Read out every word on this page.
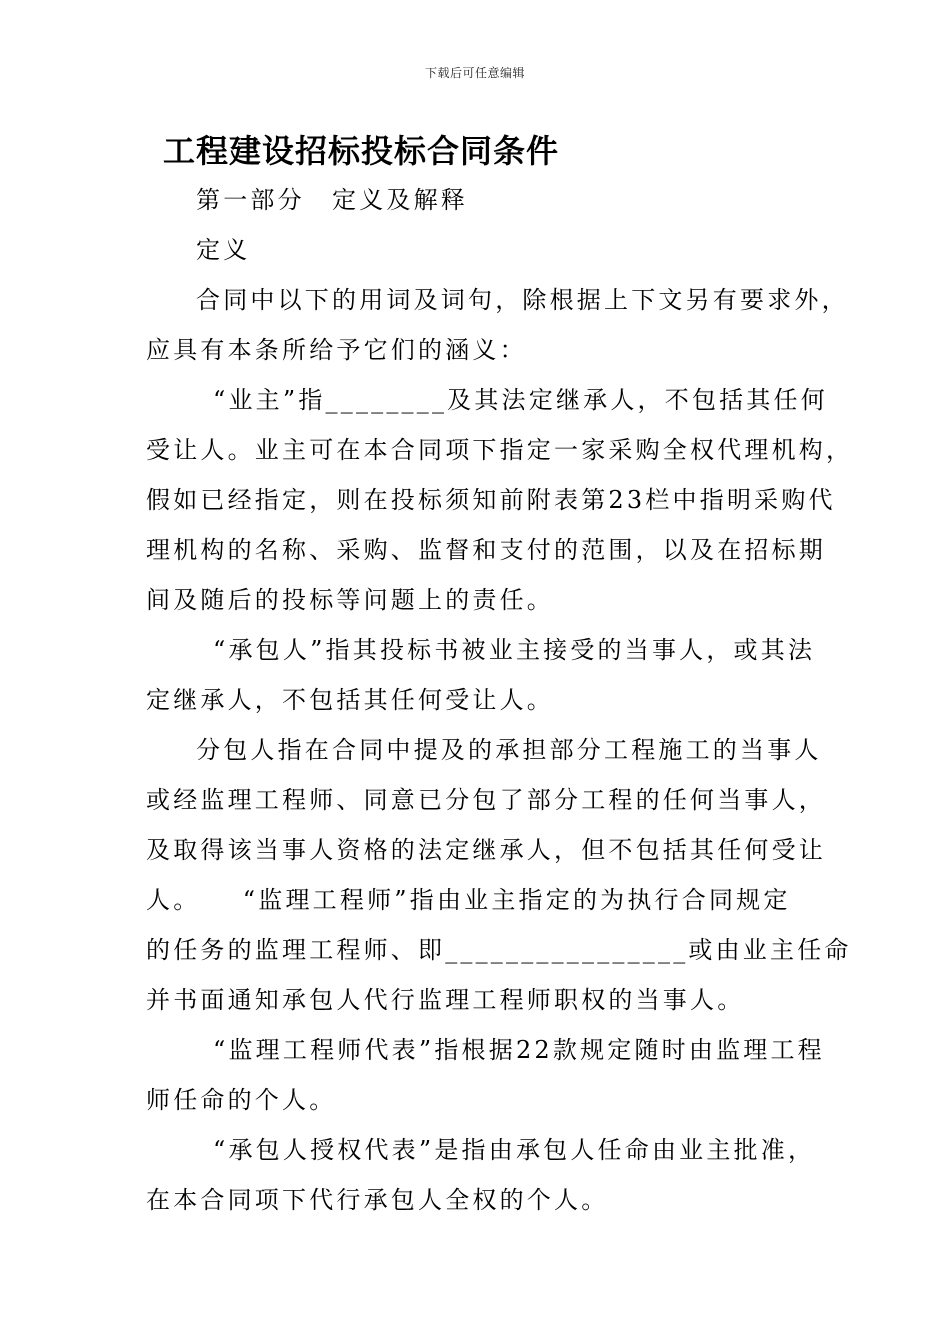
下载后可任意编辑
工程建设招标投标合同条件
第一部分　定义及解释
定义
合同中以下的用词及词句，除根据上下文另有要求外，
应具有本条所给予它们的涵义：
“业主”指________及其法定继承人，不包括其任何
受让人。业主可在本合同项下指定一家采购全权代理机构，
假如已经指定，则在投标须知前附表第23栏中指明采购代
理机构的名称、采购、监督和支付的范围，以及在招标期
间及随后的投标等问题上的责任。
“承包人”指其投标书被业主接受的当事人，或其法
定继承人，不包括其任何受让人。
分包人指在合同中提及的承担部分工程施工的当事人
或经监理工程师、同意已分包了部分工程的任何当事人，
及取得该当事人资格的法定继承人，但不包括其任何受让
人。　　“监理工程师”指由业主指定的为执行合同规定
的任务的监理工程师、即________________或由业主任命
并书面通知承包人代行监理工程师职权的当事人。
“监理工程师代表”指根据22款规定随时由监理工程
师任命的个人。
“承包人授权代表”是指由承包人任命由业主批准，
在本合同项下代行承包人全权的个人。
